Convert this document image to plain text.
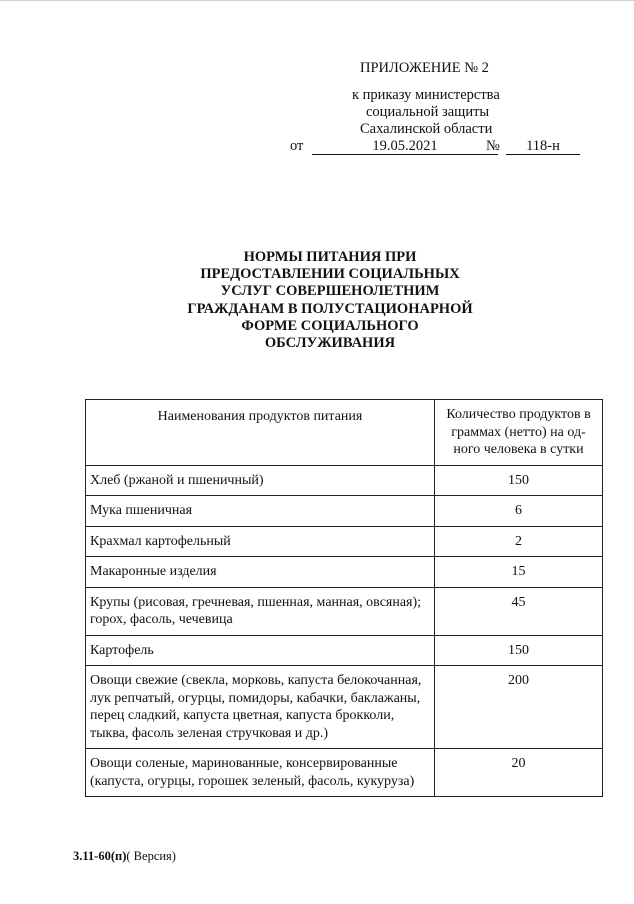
ПРИЛОЖЕНИЕ № 2
к приказу министерства
социальной защиты
Сахалинской области
от	19.05.2021	№	118-н
НОРМЫ ПИТАНИЯ ПРИ
ПРЕДОСТАВЛЕНИИ СОЦИАЛЬНЫХ
УСЛУГ СОВЕРШЕНОЛЕТНИМ
ГРАЖДАНАМ В ПОЛУСТАЦИОНАРНОЙ
ФОРМЕ СОЦИАЛЬНОГО
ОБСЛУЖИВАНИЯ
Наименования продуктов питания	Количество продуктов в граммах (нетто) на од-ного человека в сутки
Хлеб (ржаной и пшеничный)	150
Мука пшеничная	6
Крахмал картофельный	2
Макаронные изделия	15
Крупы (рисовая, гречневая, пшенная, манная, овсяная); горох, фасоль, чечевица	45
Картофель	150
Овощи свежие (свекла, морковь, капуста белокочанная, лук репчатый, огурцы, помидоры, кабачки, баклажаны, перец сладкий, капуста цветная, капуста брокколи, тыква, фасоль зеленая стручковая и др.)	200
Овощи соленые, маринованные, консервированные (капуста, огурцы, горошек зеленый, фасоль, кукуруза)	20
3.11-60(п)( Версия)
